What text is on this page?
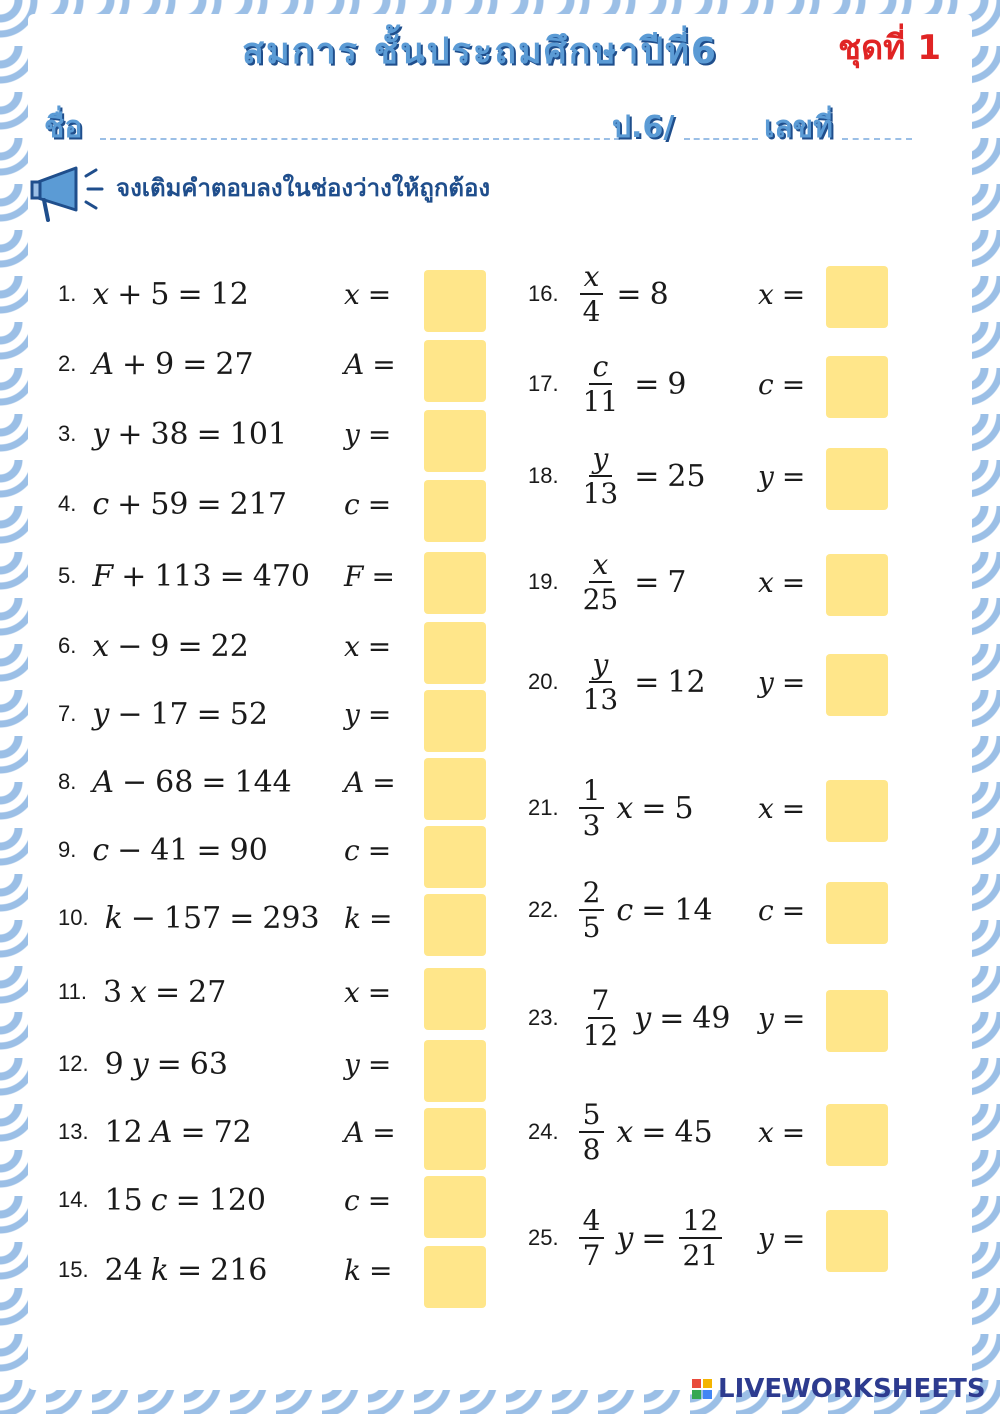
สมการ ชั้นประถมศึกษาปีที่6	ชุดที่ 1
ชื่อ	ป.6/	เลขที่
จงเติมคำตอบลงในช่องว่างให้ถูกต้อง
1. x + 5 = 12	x =
2. A + 9 = 27	A =
3. y + 38 = 101 y =
4. c + 59 = 217 c =
5. F + 113 = 470 F =
6. x − 9 = 22	x =
7. y − 17 = 52	y =
8. A − 68 = 144 A =
9. c − 41 = 90	c =
10. k − 157 = 293 k =
11. 3 x = 27	x =
12. 9 y = 63	y =
13. 12 A = 72	A =
14. 15 c = 120	c =
15. 24 k = 216	k =
16. $\frac{x}{4} = 8$	x =
17. $\frac{c}{11} = 9$	c =
18. $\frac{y}{13} = 25$ y =
19. $\frac{x}{25} = 7$	x =
20. $\frac{y}{13} = 12$ y =
21. $\frac{1}{3}$ x = 5 x =
22. $\frac{2}{5}$ c = 14 c =
23. $\frac{7}{12}$ y = 49 y =
24. $\frac{5}{8}$ x = 45 x =
25. $\frac{4}{7}$ $y = \frac{12}{21}$ y =
LIVEWORKSHEETS
